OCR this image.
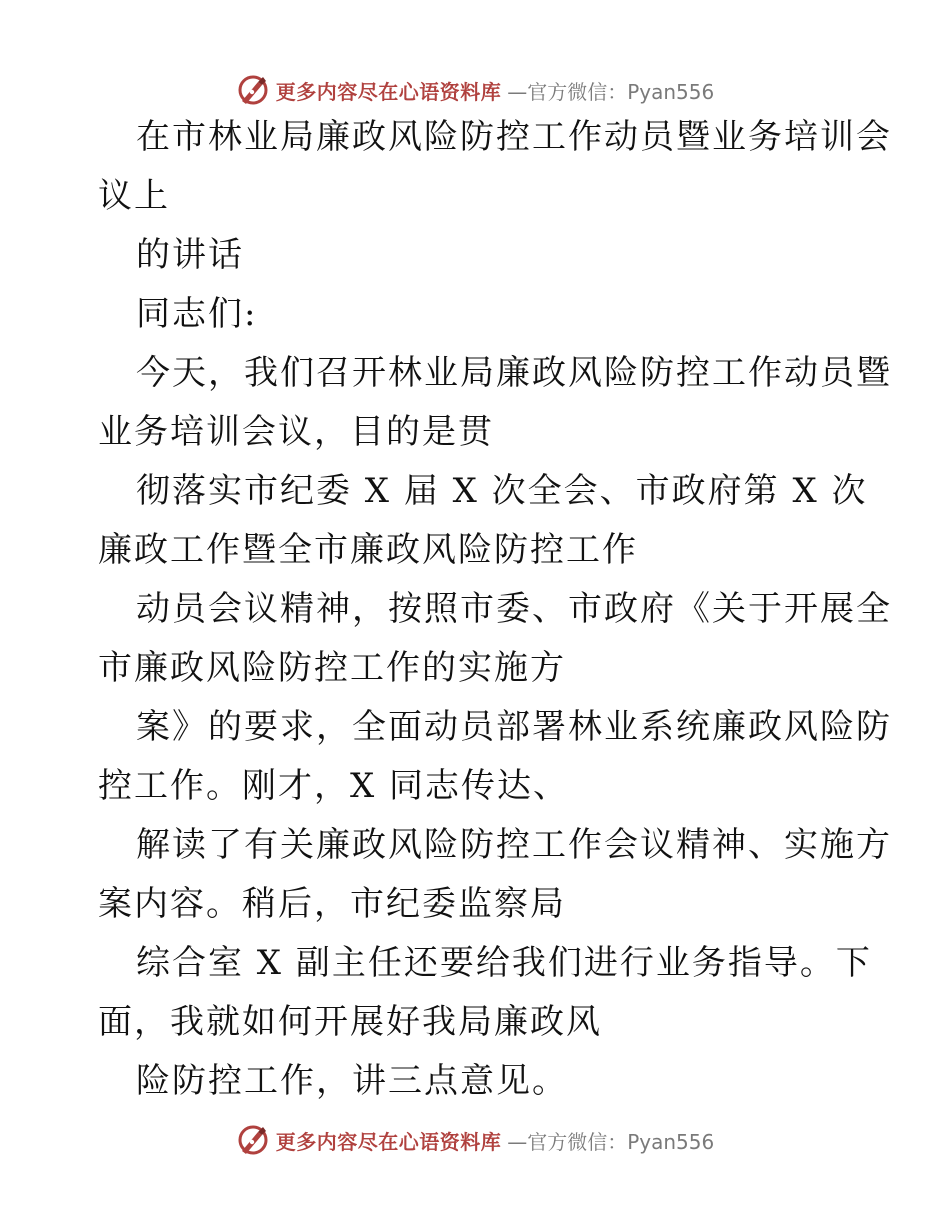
更多内容尽在心语资料库 —官方微信：Pyan556
在市林业局廉政风险防控工作动员暨业务培训会
议上
的讲话
同志们:
今天，我们召开林业局廉政风险防控工作动员暨
业务培训会议，目的是贯
彻落实市纪委 X 届 X 次全会、市政府第 X 次
廉政工作暨全市廉政风险防控工作
动员会议精神，按照市委、市政府《关于开展全
市廉政风险防控工作的实施方
案》的要求，全面动员部署林业系统廉政风险防
控工作。刚才，X 同志传达、
解读了有关廉政风险防控工作会议精神、实施方
案内容。稍后，市纪委监察局
综合室 X 副主任还要给我们进行业务指导。下
面，我就如何开展好我局廉政风
险防控工作，讲三点意见。
更多内容尽在心语资料库 —官方微信：Pyan556
